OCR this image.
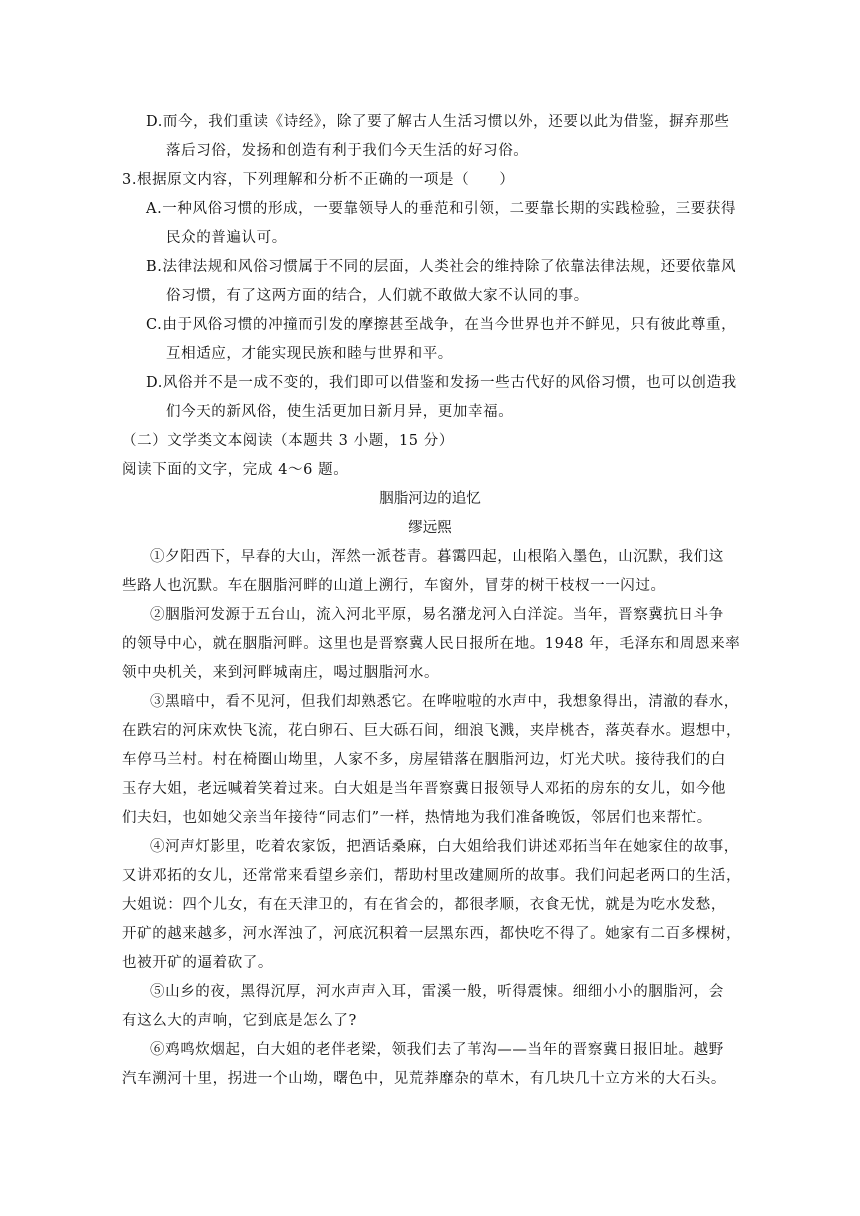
D.而今，我们重读《诗经》，除了要了解古人生活习惯以外，还要以此为借鉴，摒弃那些
落后习俗，发扬和创造有利于我们今天生活的好习俗。
3.根据原文内容，下列理解和分析不正确的一项是（　　）
A.一种风俗习惯的形成，一要靠领导人的垂范和引领，二要靠长期的实践检验，三要获得
民众的普遍认可。
B.法律法规和风俗习惯属于不同的层面，人类社会的维持除了依靠法律法规，还要依靠风
俗习惯，有了这两方面的结合，人们就不敢做大家不认同的事。
C.由于风俗习惯的冲撞而引发的摩擦甚至战争，在当今世界也并不鲜见，只有彼此尊重，
互相适应，才能实现民族和睦与世界和平。
D.风俗并不是一成不变的，我们即可以借鉴和发扬一些古代好的风俗习惯，也可以创造我
们今天的新风俗，使生活更加日新月异，更加幸福。
（二）文学类文本阅读（本题共 3 小题，15 分）
阅读下面的文字，完成 4～6 题。
胭脂河边的追忆
缪远熙
①夕阳西下，早春的大山，浑然一派苍青。暮霭四起，山根陷入墨色，山沉默，我们这
些路人也沉默。车在胭脂河畔的山道上溯行，车窗外，冒芽的树干枝杈一一闪过。
②胭脂河发源于五台山，流入河北平原，易名潴龙河入白洋淀。当年，晋察冀抗日斗争
的领导中心，就在胭脂河畔。这里也是晋察冀人民日报所在地。1948 年，毛泽东和周恩来率
领中央机关，来到河畔城南庄，喝过胭脂河水。
③黑暗中，看不见河，但我们却熟悉它。在哗啦啦的水声中，我想象得出，清澈的春水，
在跌宕的河床欢快飞流，花白卵石、巨大砾石间，细浪飞溅，夹岸桃杏，落英春水。遐想中，
车停马兰村。村在椅圈山坳里，人家不多，房屋错落在胭脂河边，灯光犬吠。接待我们的白
玉存大姐，老远喊着笑着过来。白大姐是当年晋察冀日报领导人邓拓的房东的女儿，如今他
们夫妇，也如她父亲当年接待“同志们”一样，热情地为我们准备晚饭，邻居们也来帮忙。
④河声灯影里，吃着农家饭，把酒话桑麻，白大姐给我们讲述邓拓当年在她家住的故事，
又讲邓拓的女儿，还常常来看望乡亲们，帮助村里改建厕所的故事。我们问起老两口的生活，
大姐说：四个儿女，有在天津卫的，有在省会的，都很孝顺，衣食无忧，就是为吃水发愁，
开矿的越来越多，河水浑浊了，河底沉积着一层黑东西，都快吃不得了。她家有二百多棵树，
也被开矿的逼着砍了。
⑤山乡的夜，黑得沉厚，河水声声入耳，雷溪一般，听得震悚。细细小小的胭脂河，会
有这么大的声响，它到底是怎么了?
⑥鸡鸣炊烟起，白大姐的老伴老梁，领我们去了苇沟——当年的晋察冀日报旧址。越野
汽车溯河十里，拐进一个山坳，曙色中，见荒莽靡杂的草木，有几块几十立方米的大石头。
